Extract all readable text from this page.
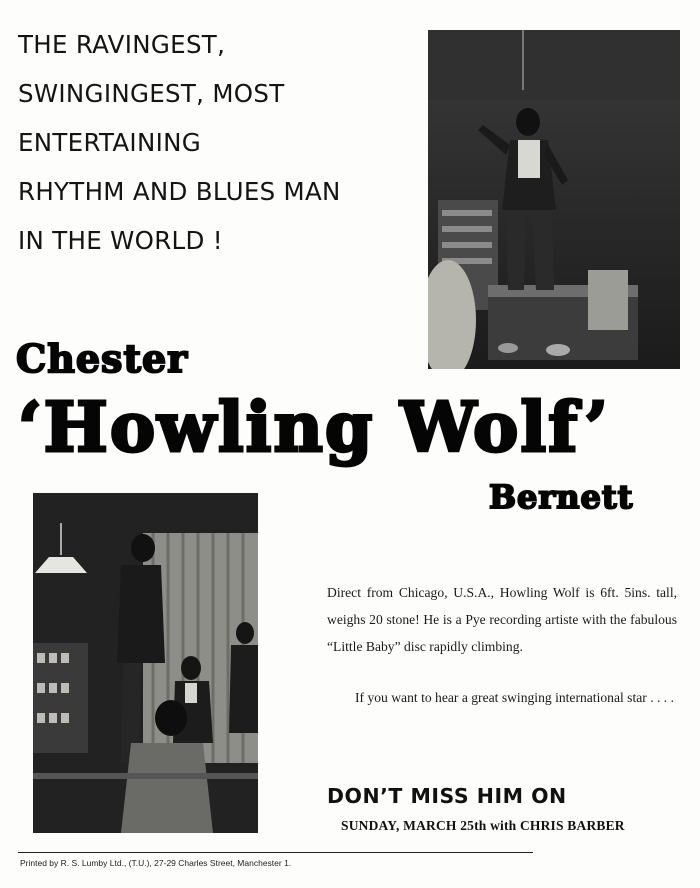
THE RAVINGEST,
SWINGINGEST, MOST
ENTERTAINING
RHYTHM AND BLUES MAN
IN THE WORLD !
Chester
‘Howling Wolf’
Bernett
Direct from Chicago, U.S.A., Howling Wolf is 6ft. 5ins. tall, weighs 20 stone! He is a Pye recording artiste with the fabulous “Little Baby” disc rapidly climbing.
If you want to hear a great swinging international star . . . .
DON’T MISS HIM ON
SUNDAY, MARCH 25th with CHRIS BARBER
Printed by R. S. Lumby Ltd., (T.U.), 27-29 Charles Street, Manchester 1.
